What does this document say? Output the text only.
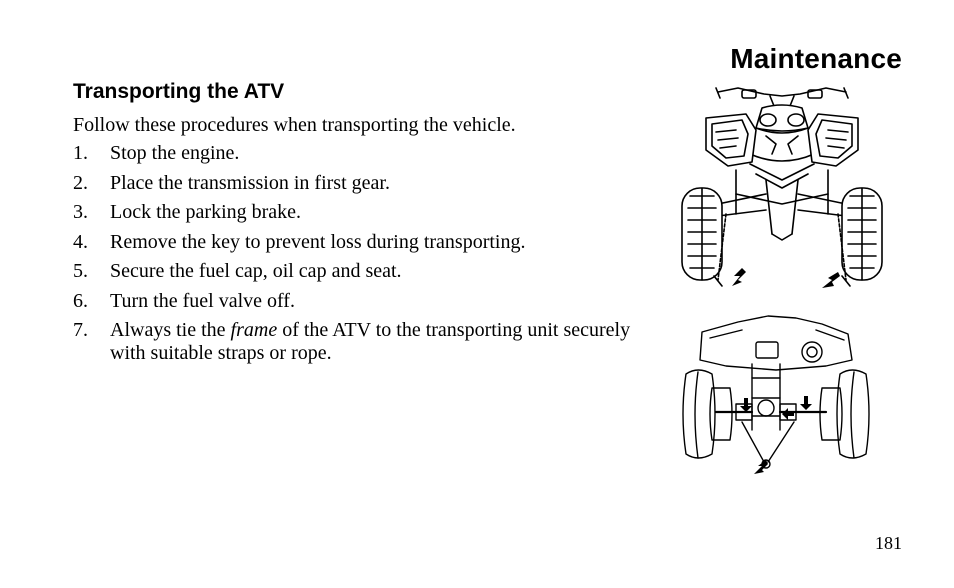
Maintenance
Transporting the ATV
Follow these procedures when transporting the vehicle.
1.	Stop the engine.
2.	Place the transmission in first gear.
3.	Lock the parking brake.
4.	Remove the key to prevent loss during transporting.
5.	Secure the fuel cap, oil cap and seat.
6.	Turn the fuel valve off.
7.	Always tie the frame of the ATV to the transporting unit securely with suitable straps or rope.
181
